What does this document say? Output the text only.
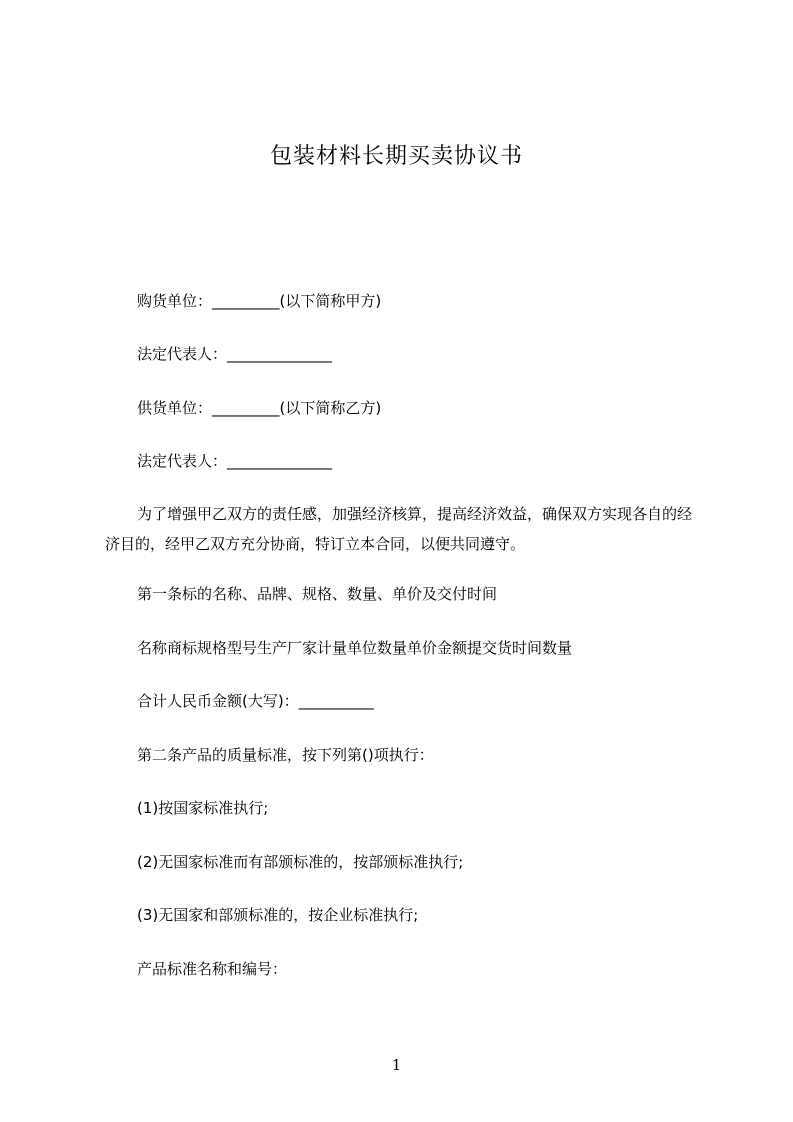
包装材料长期买卖协议书
购货单位：_________(以下简称甲方)
法定代表人：______________
供货单位：_________(以下简称乙方)
法定代表人：______________
为了增强甲乙双方的责任感，加强经济核算，提高经济效益，确保双方实现各自的经济目的，经甲乙双方充分协商，特订立本合同，以便共同遵守。
第一条标的名称、品牌、规格、数量、单价及交付时间
名称商标规格型号生产厂家计量单位数量单价金额提交货时间数量
合计人民币金额(大写)：__________
第二条产品的质量标准，按下列第()项执行：
(1)按国家标准执行;
(2)无国家标准而有部颁标准的，按部颁标准执行;
(3)无国家和部颁标准的，按企业标准执行;
产品标准名称和编号：
1
